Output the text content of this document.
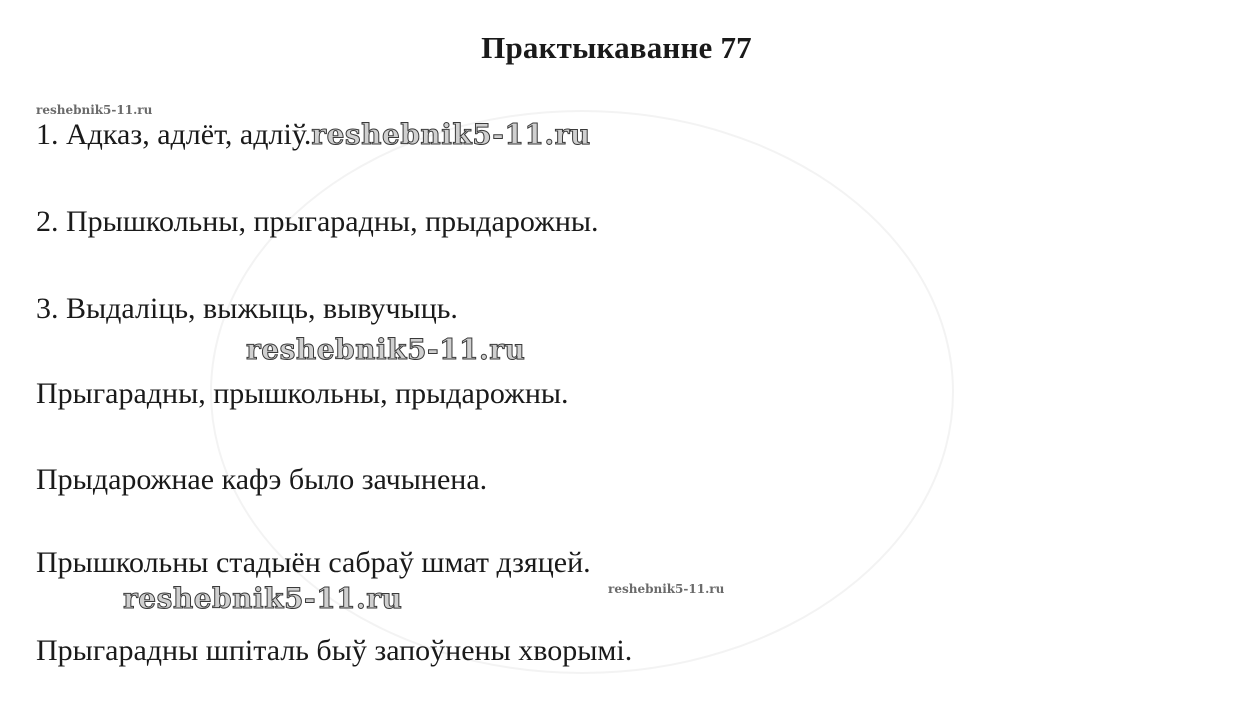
Практыкаванне 77
reshebnik5-11.ru
1. Адказ, адлёт, адліў.reshebnik5-11.ru
2. Прышкольны, прыгарадны, прыдарожны.
3. Выдаліць, выжыць, вывучыць.
reshebnik5-11.ru
Прыгарадны, прышкольны, прыдарожны.
Прыдарожнае кафэ было зачынена.
Прышкольны стадыён сабраў шмат дзяцей.
reshebnik5-11.ru	reshebnik5-11.ru
Прыгарадны шпіталь быў запоўнены хворымі.
